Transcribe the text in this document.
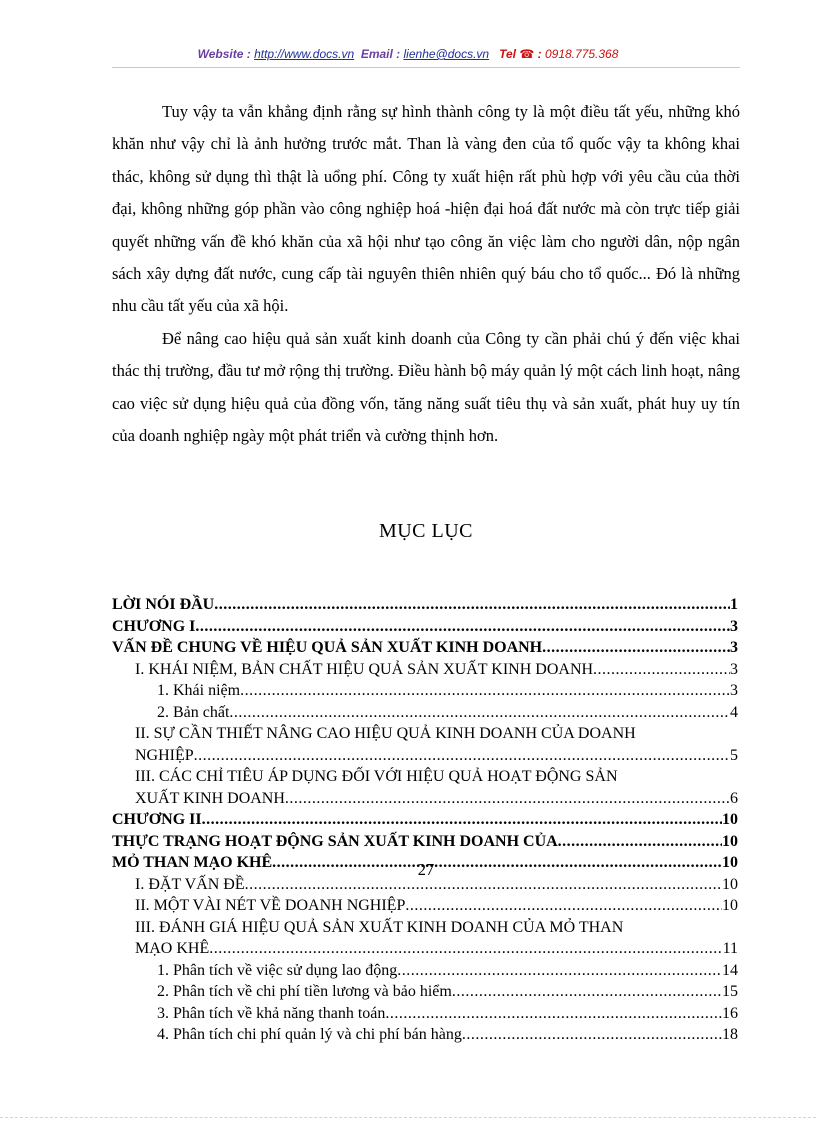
Website : http://www.docs.vn Email : lienhe@docs.vn Tel ☎ : 0918.775.368

Tuy vậy ta vẫn khẳng định rằng sự hình thành công ty là một điều tất yếu, những khó khăn như vậy chỉ là ảnh hưởng trước mắt. Than là vàng đen của tổ quốc vậy ta không khai thác, không sử dụng thì thật là uổng phí. Công ty xuất hiện rất phù hợp với yêu cầu của thời đại, không những góp phần vào công nghiệp hoá -hiện đại hoá đất nước mà còn trực tiếp giải quyết những vấn đề khó khăn của xã hội như tạo công ăn việc làm cho người dân, nộp ngân sách xây dựng đất nước, cung cấp tài nguyên thiên nhiên quý báu cho tổ quốc... Đó là những nhu cầu tất yếu của xã hội.

Để nâng cao hiệu quả sản xuất kinh doanh của Công ty cần phải chú ý đến việc khai thác thị trường, đầu tư mở rộng thị trường. Điều hành bộ máy quản lý một cách linh hoạt, nâng cao việc sử dụng hiệu quả của đồng vốn, tăng năng suất tiêu thụ và sản xuất, phát huy uy tín của doanh nghiệp ngày một phát triển và cường thịnh hơn.

MỤC LỤC
LỜI NÓI ĐẦU .....	1
CHƯƠNG I .....	3
VẤN ĐỀ CHUNG VỀ HIỆU QUẢ SẢN XUẤT KINH DOANH .....	3
I. KHÁI NIỆM, BẢN CHẤT HIỆU QUẢ SẢN XUẤT KINH DOANH .....	3
1. Khái niệm .....	3
2. Bản chất .....	4
II. SỰ CẦN THIẾT NÂNG CAO HIỆU QUẢ KINH DOANH CỦA DOANH
NGHIỆP .....	5
III. CÁC CHỈ TIÊU ÁP DỤNG ĐỐI VỚI HIỆU QUẢ HOẠT ĐỘNG SẢN
XUẤT KINH DOANH .....	6
CHƯƠNG II .....	10
THỰC TRẠNG HOẠT ĐỘNG SẢN XUẤT KINH DOANH CỦA .....	10
MỎ THAN MẠO KHÊ .....	10
I. ĐẶT VẤN ĐỀ .....	10
II. MỘT VÀI NÉT VỀ DOANH NGHIỆP .....	10
III. ĐÁNH GIÁ HIỆU QUẢ SẢN XUẤT KINH DOANH CỦA MỎ THAN
MẠO KHÊ .....	11
1. Phân tích về việc sử dụng lao động .....	14
2. Phân tích về chi phí tiền lương và bảo hiểm .....	15
3. Phân tích về khả năng thanh toán .....	16
4. Phân tích chi phí quản lý và chi phí bán hàng .....	18
27
